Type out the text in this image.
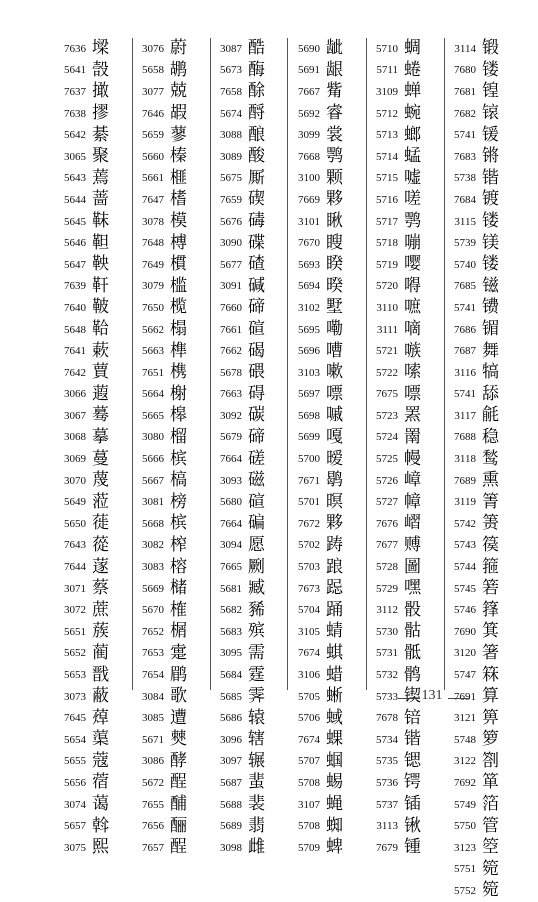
7636 墚
5641 嗀
7637 撖
7638 摎
5642 綦
3065 聚
5643 蔫
5644 蔷
5645 靺
5646 靼
5647 鞅
7639 靬
7640 鞁
5648 鞈
7641 蔌
7642 蕒
3066 蕸
3067 蓦
3068 摹
3069 蔓
3070 蔑
5649 蒞
5650 蓰
7643 蓯
7644 蓫
3071 蔡
3072 蔗
5651 蔟
5652 蔺
5653 戬
3073 蔽
7645 蔊
5654 蕖
5655 蔻
5656 蓿
3074 蔼
5657 斡
3075 熙
3076 蔚
5658 鹕
3077 兢
7646 嘏
5659 蓼
5660 榛
5661 榧
7647 榰
3078 模
7648 榑
7649 樌
3079 槛
7650 榄
5662 榻
5663 榫
7651 槜
5664 榭
5665 槔
3080 榴
5666 槟
5667 槁
3081 榜
5668 槟
3082 榨
3083 榕
5669 槠
5670 榷
7652 榍
7653 疐
7654 鹛
3084 歌
3085 遭
5671 僰
3086 酵
5672 酲
7655 酺
7656 酾
7657 酲
3087 酷
5673 酶
7658 酴
5674 酹
3088 酿
3089 酸
5675 厮
7659 碶
5676 碡
3090 碟
5677 碴
3091 碱
7660 碲
7661 碹
7662 碣
5678 碨
7663 碍
3092 碳
5679 碲
7664 磋
3093 磁
5680 碹
7664 碥
3094 愿
7665 劂
5681 臧
5682 豨
5683 殡
3095 需
5684 霆
5685 霁
5686 辕
3096 辖
3097 辗
5687 蜚
5688 裴
5689 翡
3098 雌
5690 龇
5691 龈
7667 觜
5692 睿
3099 裳
7668 鹗
3100 颗
7669 夥
3101 瞅
7670 瞍
5693 睽
5694 暌
3102 墅
5695 嘞
5696 嘈
3103 嗽
5697 嘌
5698 嘁
5699 嘎
5700 暧
7671 鹖
5701 暝
7672 夥
5702 踌
5703 踉
7673 跽
5704 踊
3105 蜻
7674 蜞
3106 蜡
5705 蜥
5706 蜮
7674 蜾
5707 蝈
5708 蜴
3107 蝇
5708 蜘
5709 蜱
5710 蜩
5711 蜷
3109 蝉
5712 蜿
5713 螂
5714 蜢
5715 嘘
5716 嗟
5717 鹗
5718 嘣
5719 嘤
5720 嘚
3110 嗻
3111 嘀
5721 嗾
5722 嗦
7675 嘌
5723 罴
5724 罱
5725 幔
5726 嶂
5727 幛
7676 嶍
7677 赙
5728 圖
5729 嘿
3112 骰
5730 骷
5731 骶
5732 鹘
5733 锲
7678 锫
5734 锴
5735 锶
5736 锷
5737 锸
3113 锹
7679 锺
3114 锻
7680 镂
7681 锽
7682 锿
5741 锾
7683 锵
5738 锴
7684 镀
3115 镂
5739 镁
5740 镂
7685 镃
5741 镄
7686 镅
7687 舞
3116 犒
5741 舔
3117 毹
7688 稳
3118 鹙
7689 熏
3119 箐
5742 箦
5743 篌
5744 箍
5745 箬
5746 箨
7690 箕
3120 箸
5747 箖
7691 算
3121 箅
5748 箩
3122 劄
7692 箪
5749 箔
5750 管
3123 箜
5751 箢
5752 箢
131
